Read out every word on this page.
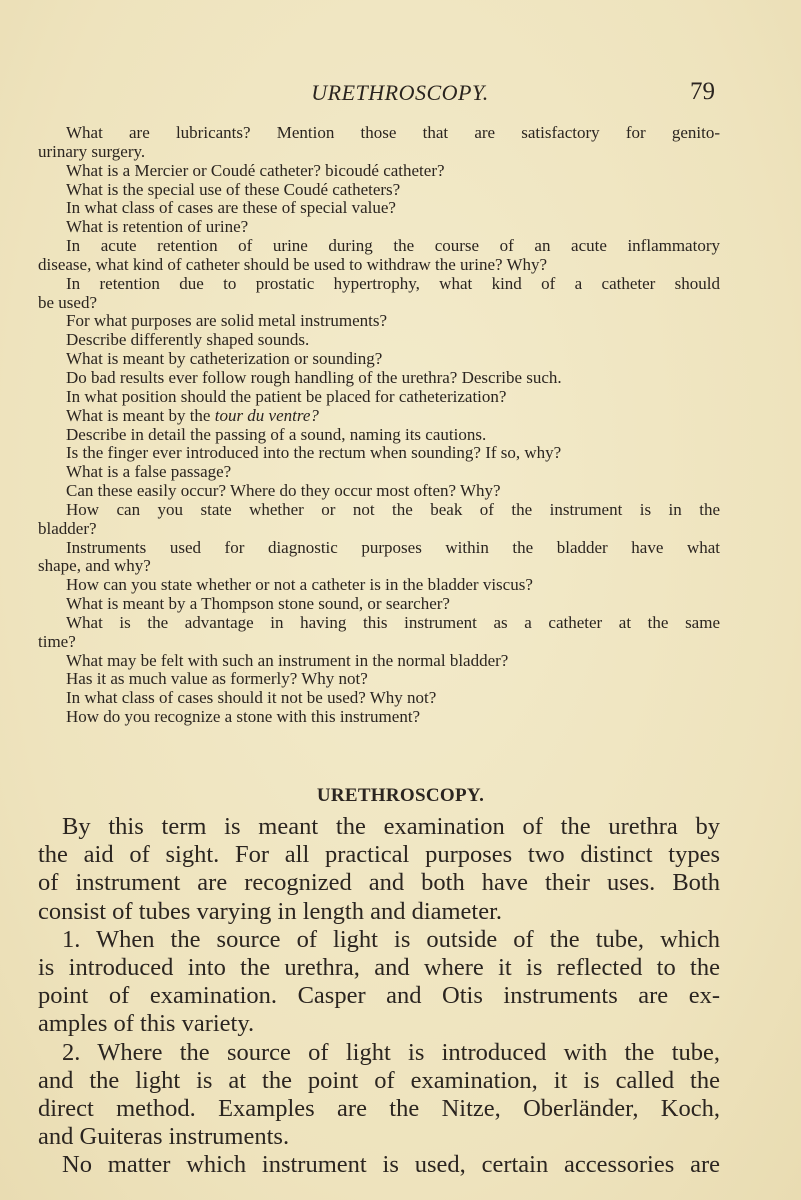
URETHROSCOPY.	79
What are lubricants? Mention those that are satisfactory for genito-
urinary surgery.
What is a Mercier or Coudé catheter? bicoudé catheter?
What is the special use of these Coudé catheters?
In what class of cases are these of special value?
What is retention of urine?
In acute retention of urine during the course of an acute inflammatory
disease, what kind of catheter should be used to withdraw the urine? Why?
In retention due to prostatic hypertrophy, what kind of a catheter should
be used?
For what purposes are solid metal instruments?
Describe differently shaped sounds.
What is meant by catheterization or sounding?
Do bad results ever follow rough handling of the urethra? Describe such.
In what position should the patient be placed for catheterization?
What is meant by the tour du ventre?
Describe in detail the passing of a sound, naming its cautions.
Is the finger ever introduced into the rectum when sounding? If so, why?
What is a false passage?
Can these easily occur? Where do they occur most often? Why?
How can you state whether or not the beak of the instrument is in the
bladder?
Instruments used for diagnostic purposes within the bladder have what
shape, and why?
How can you state whether or not a catheter is in the bladder viscus?
What is meant by a Thompson stone sound, or searcher?
What is the advantage in having this instrument as a catheter at the same
time?
What may be felt with such an instrument in the normal bladder?
Has it as much value as formerly? Why not?
In what class of cases should it not be used? Why not?
How do you recognize a stone with this instrument?
URETHROSCOPY.
By this term is meant the examination of the urethra by
the aid of sight. For all practical purposes two distinct types
of instrument are recognized and both have their uses. Both
consist of tubes varying in length and diameter.
1. When the source of light is outside of the tube, which
is introduced into the urethra, and where it is reflected to the
point of examination. Casper and Otis instruments are ex-
amples of this variety.
2. Where the source of light is introduced with the tube,
and the light is at the point of examination, it is called the
direct method. Examples are the Nitze, Oberländer, Koch,
and Guiteras instruments.
No matter which instrument is used, certain accessories are
